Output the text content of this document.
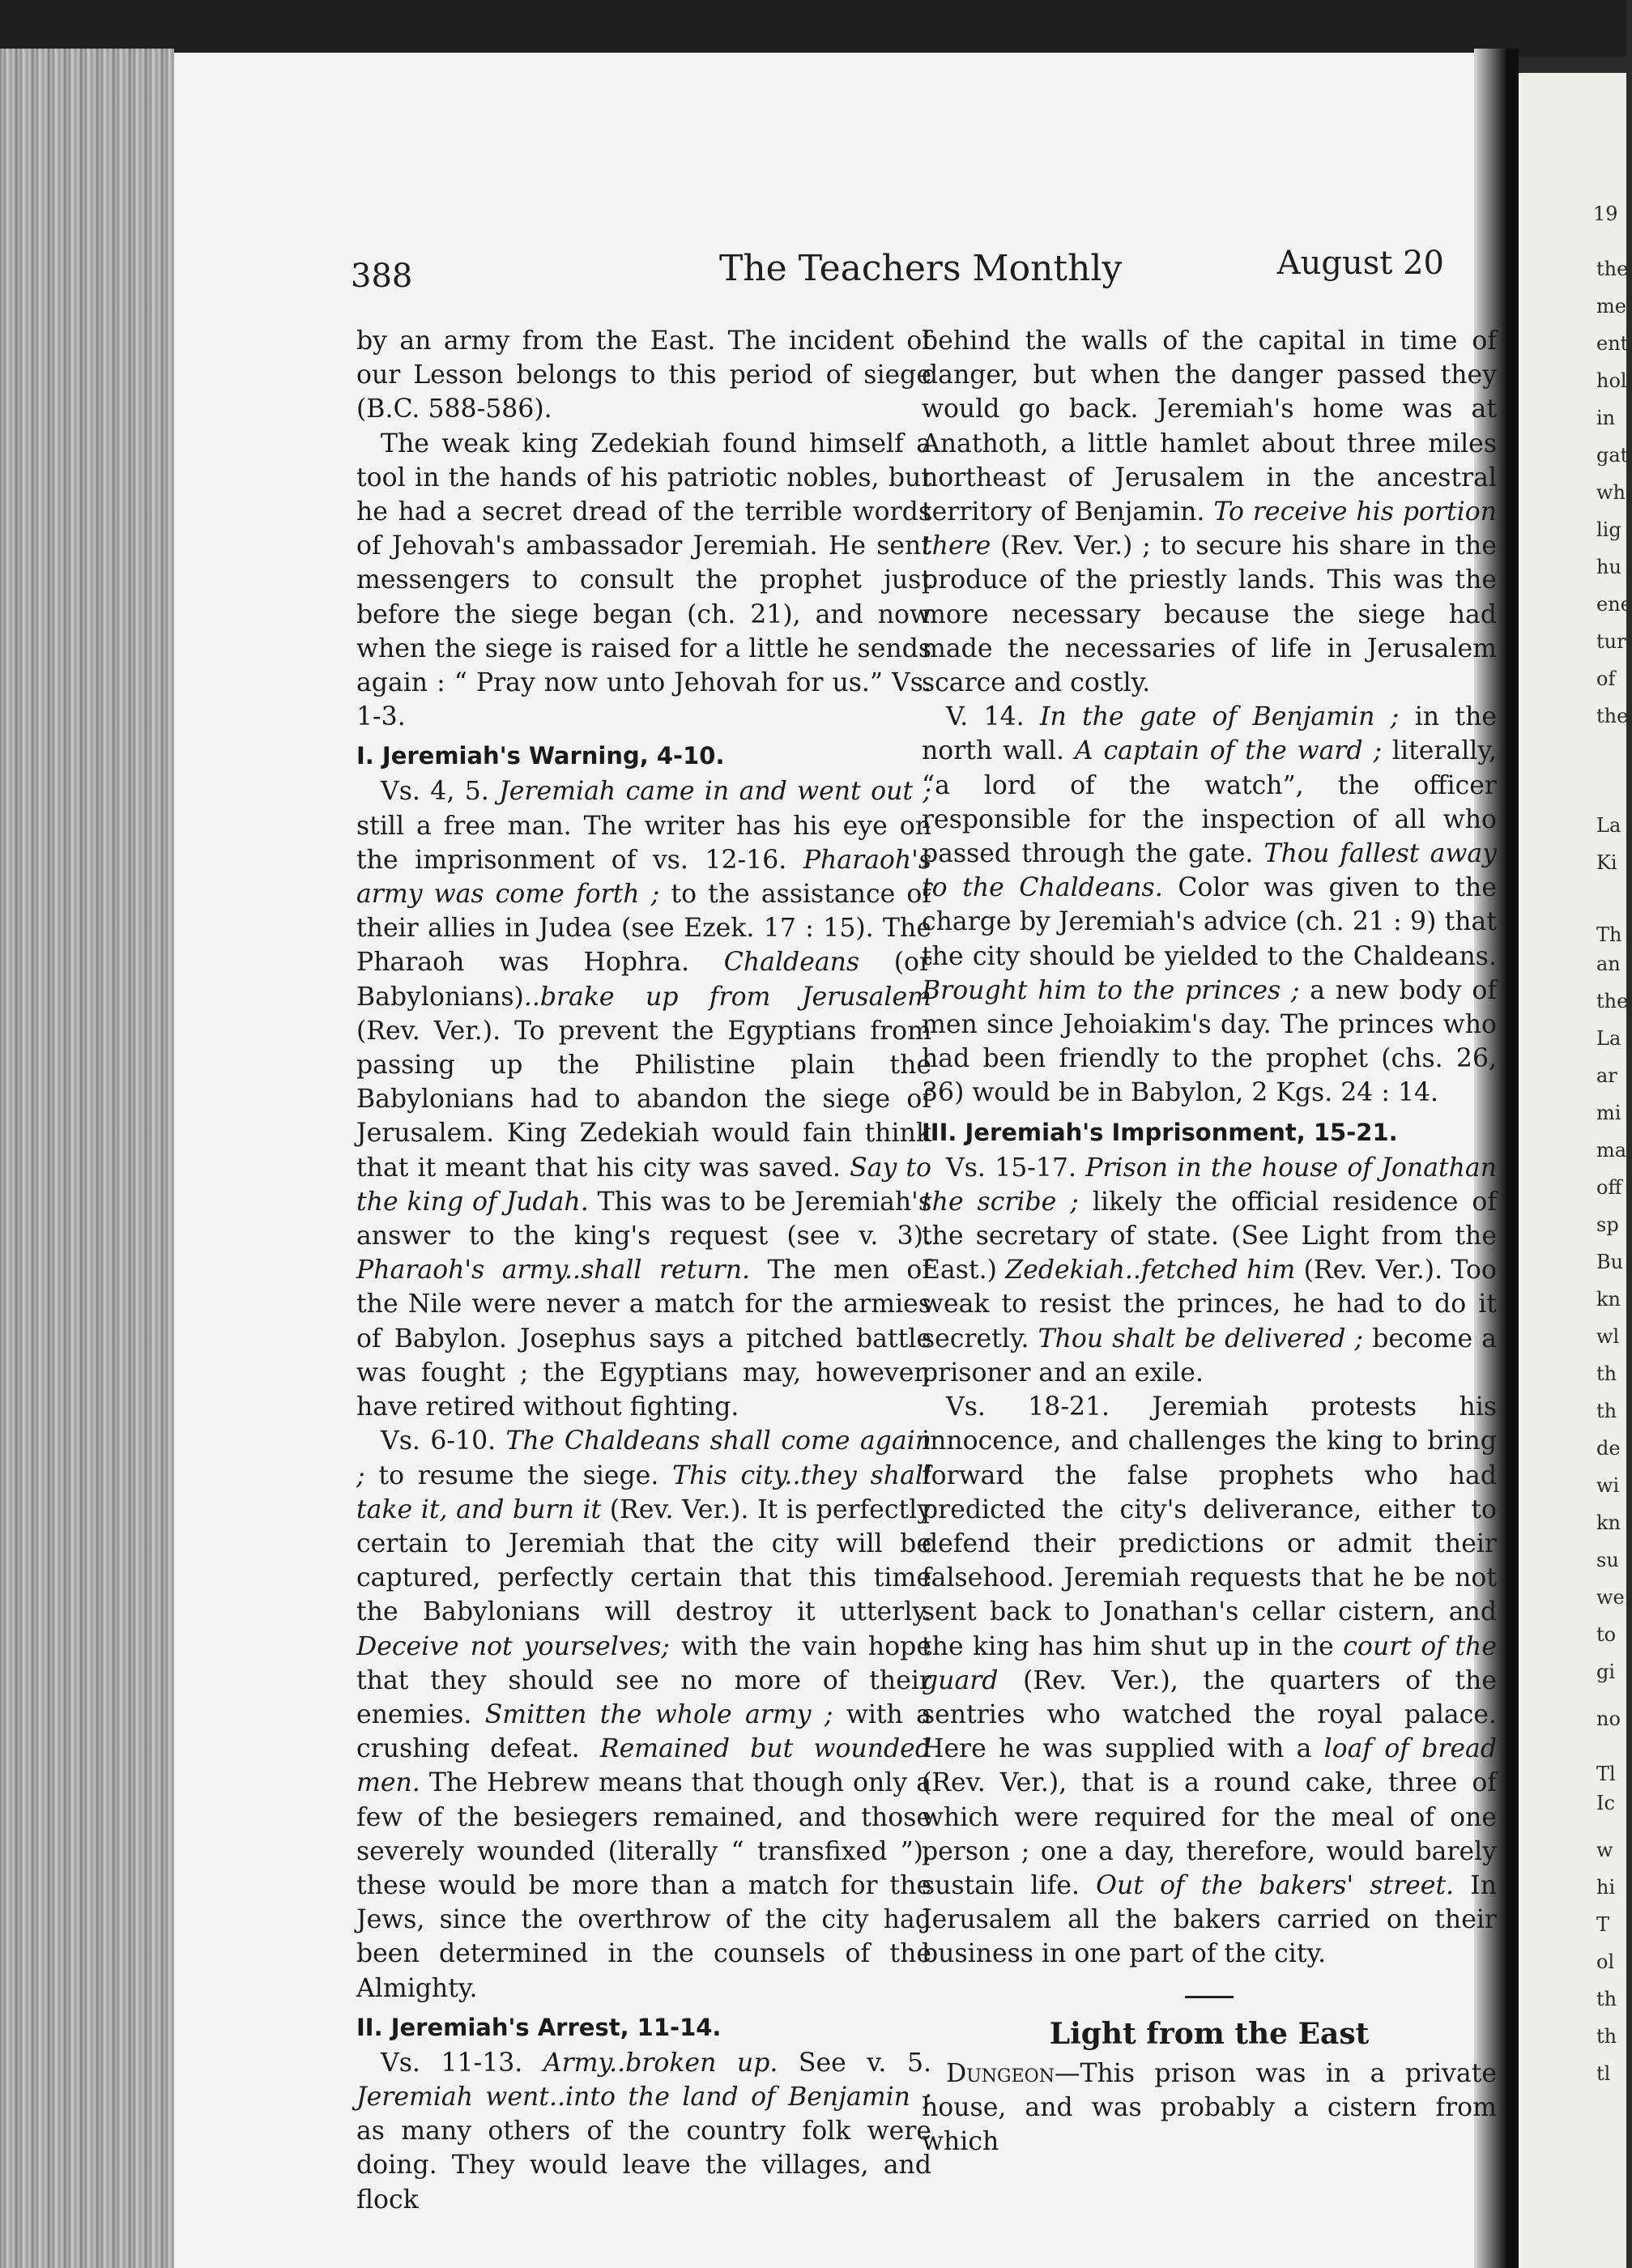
19
the
me
ent
hol
in
gat
wh
lig
hu
ene
tur
of
the
La
Ki
Th
an
the
La
ar
mi
ma
off
sp
Bu
kn
wl
th
th
de
wi
kn
su
we
to
gi
no
Tl
Ic
w
hi
T
ol
th
th
tl
388	The Teachers Monthly	August 20

by an army from the East. The incident of our Lesson belongs to this period of siege (B.C. 588-586).

The weak king Zedekiah found himself a tool in the hands of his patriotic nobles, but he had a secret dread of the terrible words of Jehovah's ambassador Jeremiah. He sent messengers to consult the prophet just before the siege began (ch. 21), and now when the siege is raised for a little he sends again : “ Pray now unto Jehovah for us.” Vs. 1-3.

I. Jeremiah's Warning, 4-10.

Vs. 4, 5. Jeremiah came in and went out ; still a free man. The writer has his eye on the imprisonment of vs. 12-16. Pharaoh's army was come forth ; to the assistance of their allies in Judea (see Ezek. 17 : 15). The Pharaoh was Hophra. Chaldeans (or Babylonians)..brake up from Jerusalem (Rev. Ver.). To prevent the Egyptians from passing up the Philistine plain the Babylonians had to abandon the siege of Jerusalem. King Zedekiah would fain think that it meant that his city was saved. Say to the king of Judah. This was to be Jeremiah's answer to the king's request (see v. 3). Pharaoh's army..shall return. The men of the Nile were never a match for the armies of Babylon. Josephus says a pitched battle was fought ; the Egyptians may, however, have retired without fighting.

Vs. 6-10. The Chaldeans shall come again ; to resume the siege. This city..they shall take it, and burn it (Rev. Ver.). It is perfectly certain to Jeremiah that the city will be captured, perfectly certain that this time the Babylonians will destroy it utterly. Deceive not yourselves; with the vain hope that they should see no more of their enemies. Smitten the whole army ; with a crushing defeat. Remained but wounded men. The Hebrew means that though only a few of the besiegers remained, and those severely wounded (literally “ transfixed ”), these would be more than a match for the Jews, since the overthrow of the city had been determined in the counsels of the Almighty.

II. Jeremiah's Arrest, 11-14.

Vs. 11-13. Army..broken up. See v. 5. Jeremiah went..into the land of Benjamin ; as many others of the country folk were doing. They would leave the villages, and flock

behind the walls of the capital in time of danger, but when the danger passed they would go back. Jeremiah's home was at Anathoth, a little hamlet about three miles northeast of Jerusalem in the ancestral territory of Benjamin. To receive his portion there (Rev. Ver.) ; to secure his share in the produce of the priestly lands. This was the more necessary because the siege had made the necessaries of life in Jerusalem scarce and costly.

V. 14. In the gate of Benjamin ; in the north wall. A captain of the ward ; literally, “a lord of the watch”, the officer responsible for the inspection of all who passed through the gate. Thou fallest away to the Chaldeans. Color was given to the charge by Jeremiah's advice (ch. 21 : 9) that the city should be yielded to the Chaldeans. Brought him to the princes ; a new body of men since Jehoiakim's day. The princes who had been friendly to the prophet (chs. 26, 36) would be in Babylon, 2 Kgs. 24 : 14.

III. Jeremiah's Imprisonment, 15-21.

Vs. 15-17. Prison in the house of Jonathan the scribe ; likely the official residence of the secretary of state. (See Light from the East.) Zedekiah..fetched him (Rev. Ver.). Too weak to resist the princes, he had to do it secretly. Thou shalt be delivered ; become a prisoner and an exile.

Vs. 18-21. Jeremiah protests his innocence, and challenges the king to bring forward the false prophets who had predicted the city's deliverance, either to defend their predictions or admit their falsehood. Jeremiah requests that he be not sent back to Jonathan's cellar cistern, and the king has him shut up in the court of the guard (Rev. Ver.), the quarters of the sentries who watched the royal palace. Here he was supplied with a loaf of bread (Rev. Ver.), that is a round cake, three of which were required for the meal of one person ; one a day, therefore, would barely sustain life. Out of the bakers' street. In Jerusalem all the bakers carried on their business in one part of the city.

Light from the East

Dungeon—This prison was in a private house, and was probably a cistern from which
